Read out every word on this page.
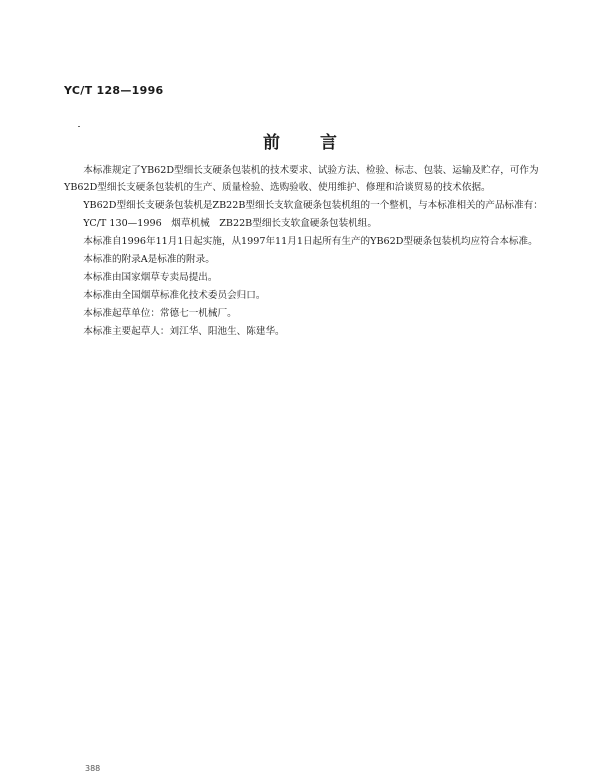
YC/T 128—1996
前言

本标准规定了YB62D型细长支硬条包装机的技术要求、试验方法、检验、标志、包装、运输及贮存，可作为YB62D型细长支硬条包装机的生产、质量检验、选购验收、使用维护、修理和洽谈贸易的技术依据。

YB62D型细长支硬条包装机是ZB22B型细长支软盒硬条包装机组的一个整机，与本标准相关的产品标准有：

YC/T 130—1996　烟草机械　ZB22B型细长支软盒硬条包装机组。

本标准自1996年11月1日起实施，从1997年11月1日起所有生产的YB62D型硬条包装机均应符合本标准。

本标准的附录A是标准的附录。

本标准由国家烟草专卖局提出。

本标准由全国烟草标准化技术委员会归口。

本标准起草单位：常德七一机械厂。

本标准主要起草人：刘江华、阳池生、陈建华。

388
